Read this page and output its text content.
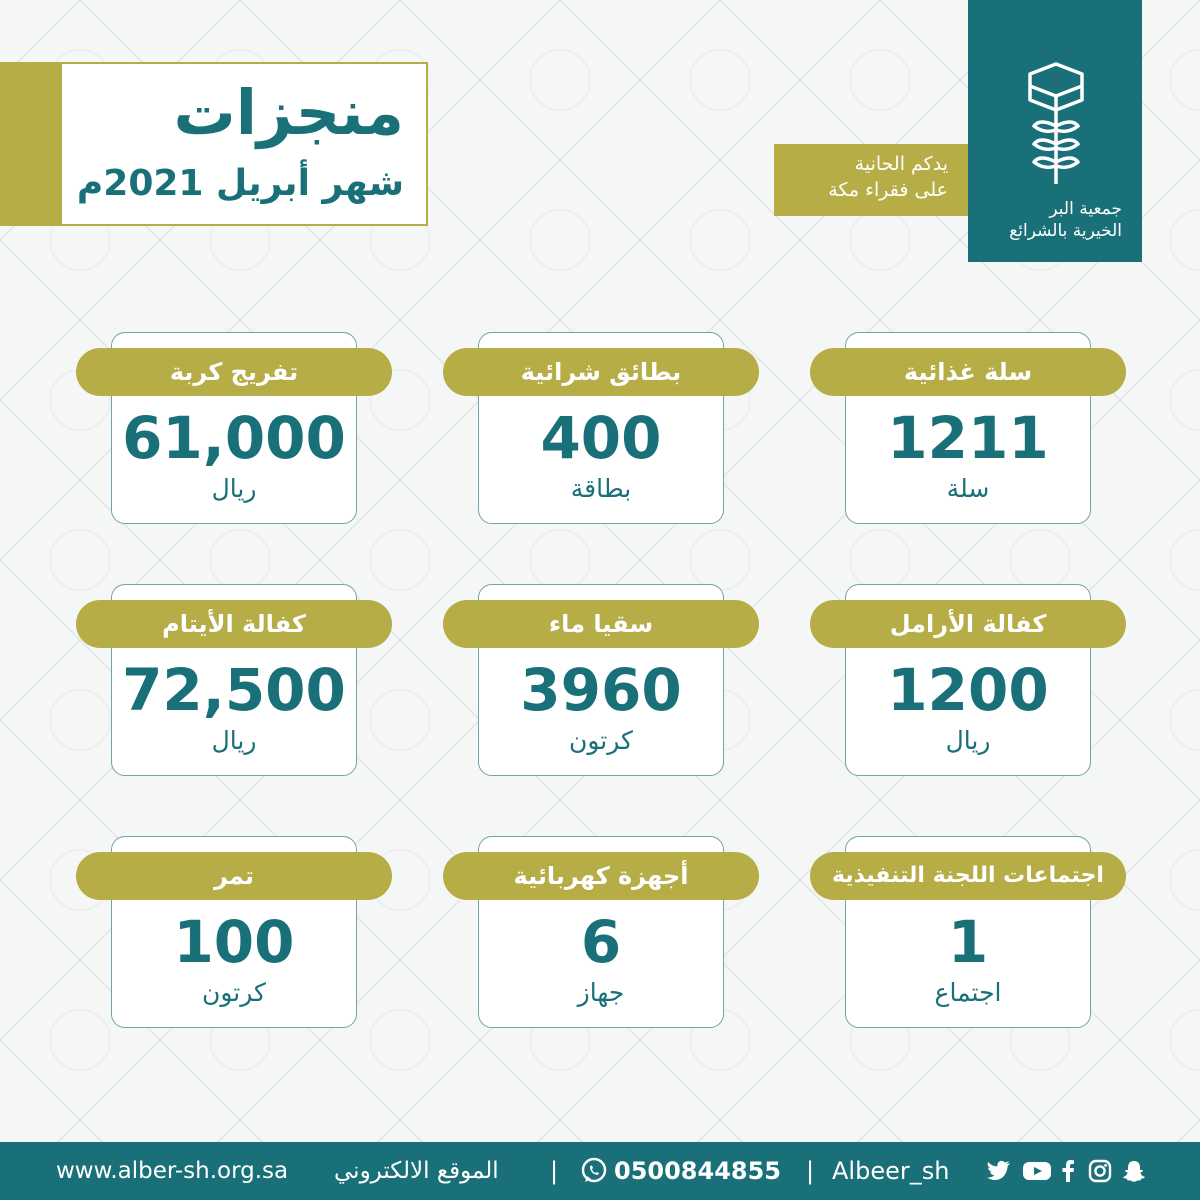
منجزات
شهر أبريل 2021م	يدكم الحانية
على فقراء مكة
جمعية البر
الخيرية بالشرائع
سلة غذائية
1211
سلة
بطائق شرائية
400
بطاقة
تفريج كربة
61,000
ريال
كفالة الأرامل
1200
ريال
سقيا ماء
3960
كرتون
كفالة الأيتام
72,500
ريال
اجتماعات اللجنة التنفيذية
1
اجتماع
أجهزة كهربائية
6
جهاز
تمر
100
كرتون
www.alber-sh.org.sa الموقع الالكتروني | 0500844855 | Albeer_sh
